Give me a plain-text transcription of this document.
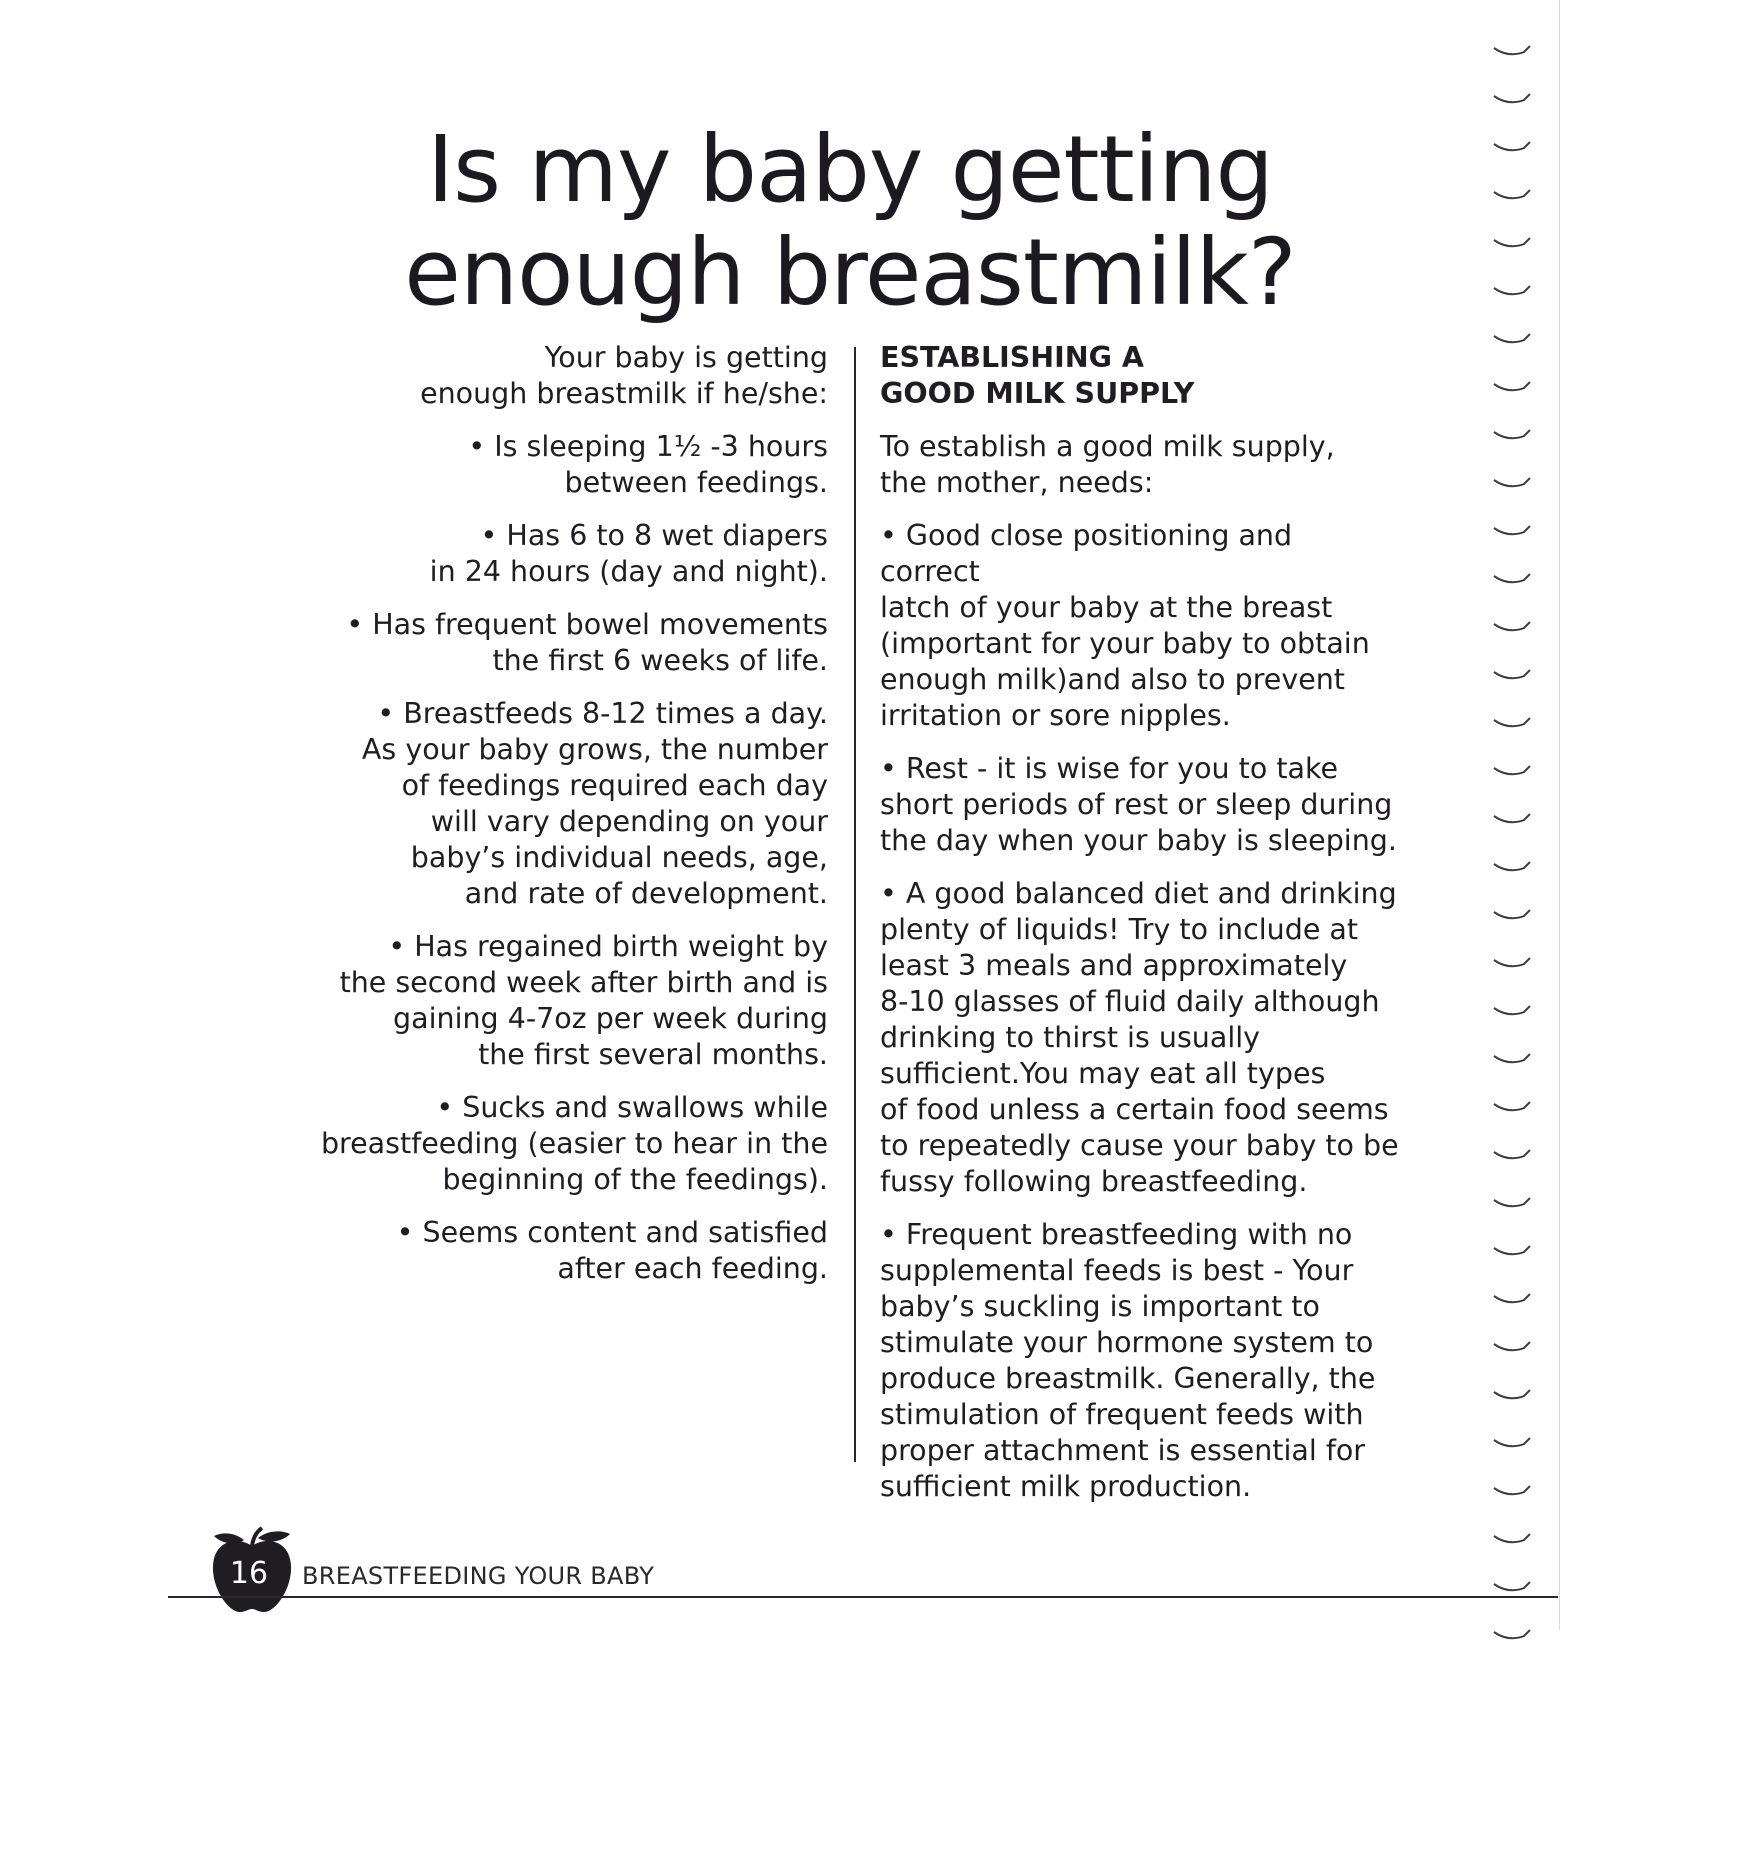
Is my baby getting
enough breastmilk?

Your baby is getting
enough breastmilk if he/she:

• Is sleeping 1½ -3 hours
between feedings.

• Has 6 to 8 wet diapers
in 24 hours (day and night).

• Has frequent bowel movements
the first 6 weeks of life.

• Breastfeeds 8-12 times a day.
As your baby grows, the number
of feedings required each day
will vary depending on your
baby’s individual needs, age,
and rate of development.

• Has regained birth weight by
the second week after birth and is
gaining 4-7oz per week during
the first several months.

• Sucks and swallows while
breastfeeding (easier to hear in the
beginning of the feedings).

• Seems content and satisfied
after each feeding.

ESTABLISHING A
GOOD MILK SUPPLY

To establish a good milk supply,
the mother, needs:

• Good close positioning and correct
latch of your baby at the breast
(important for your baby to obtain
enough milk)and also to prevent
irritation or sore nipples.

• Rest - it is wise for you to take
short periods of rest or sleep during
the day when your baby is sleeping.

• A good balanced diet and drinking
plenty of liquids! Try to include at
least 3 meals and approximately
8-10 glasses of fluid daily although
drinking to thirst is usually
sufficient.You may eat all types
of food unless a certain food seems
to repeatedly cause your baby to be
fussy following breastfeeding.

• Frequent breastfeeding with no
supplemental feeds is best - Your
baby’s suckling is important to
stimulate your hormone system to
produce breastmilk. Generally, the
stimulation of frequent feeds with
proper attachment is essential for
sufficient milk production.

16	BREASTFEEDING YOUR BABY
